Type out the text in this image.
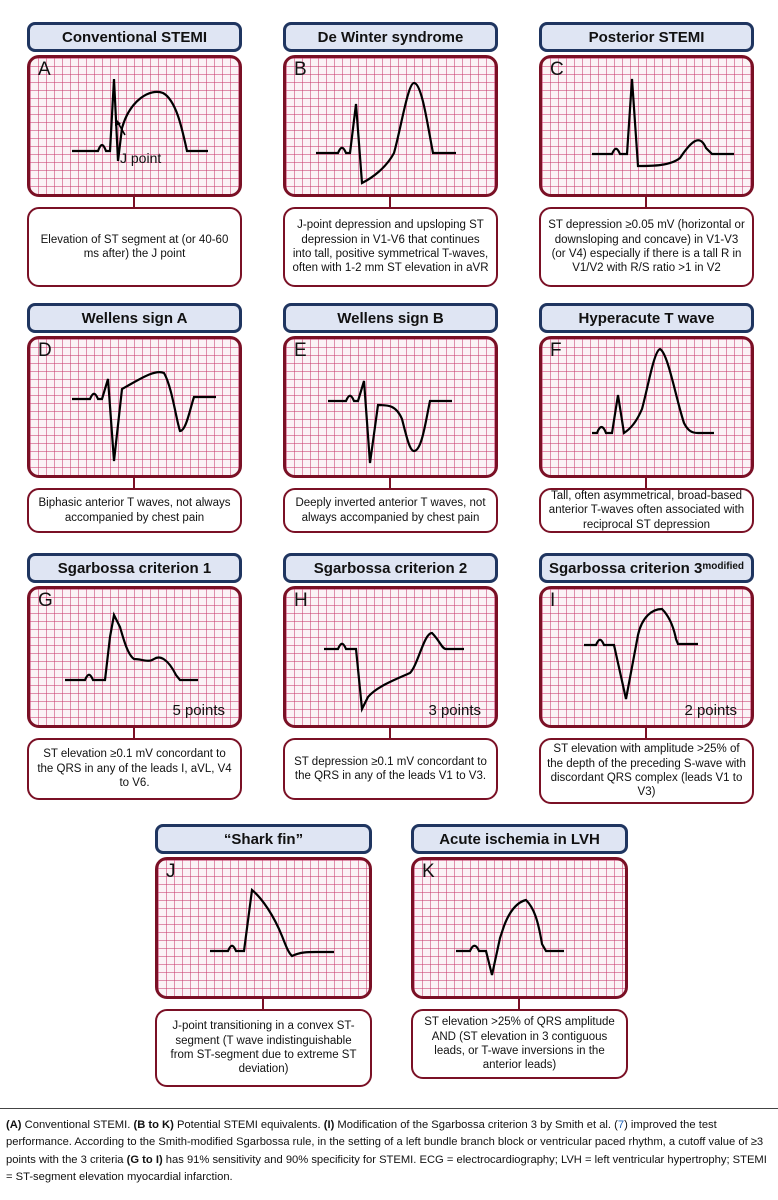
Conventional STEMI
A
J point
Elevation of ST segment at (or 40-60 ms after) the J point
De Winter syndrome
B
J-point depression and upsloping ST depression in V1-V6 that continues into tall, positive symmetrical T-waves, often with 1-2 mm ST elevation in aVR
Posterior STEMI
C
ST depression ≥0.05 mV (horizontal or downsloping and concave) in V1-V3 (or V4) especially if there is a tall R in V1/V2 with R/S ratio >1 in V2
Wellens sign A
D
Biphasic anterior T waves, not always accompanied by chest pain
Wellens sign B
E
Deeply inverted anterior T waves, not always accompanied by chest pain
Hyperacute T wave
F
Tall, often asymmetrical, broad-based anterior T-waves often associated with reciprocal ST depression
Sgarbossa criterion 1
G
5 points
ST elevation ≥0.1 mV concordant to the QRS in any of the leads I, aVL, V4 to V6.
Sgarbossa criterion 2
H
3 points
ST depression ≥0.1 mV concordant to the QRS in any of the leads V1 to V3.
Sgarbossa criterion $3^{modified}$
I
2 points
ST elevation with amplitude >25% of the depth of the preceding S-wave with discordant QRS complex (leads V1 to V3)
“Shark fin”
J
J-point transitioning in a convex ST-segment (T wave indistinguishable from ST-segment due to extreme ST deviation)
Acute ischemia in LVH
K
ST elevation >25% of QRS amplitude AND (ST elevation in 3 contiguous leads, or T-wave inversions in the anterior leads)
(A) Conventional STEMI. (B to K) Potential STEMI equivalents. (I) Modification of the Sgarbossa criterion 3 by Smith et al. (7) improved the test performance. According to the Smith-modified Sgarbossa rule, in the setting of a left bundle branch block or ventricular paced rhythm, a cutoff value of ≥3 points with the 3 criteria (G to I) has 91% sensitivity and 90% specificity for STEMI. ECG = electrocardiography; LVH = left ventricular hypertrophy; STEMI = ST-segment elevation myocardial infarction.
